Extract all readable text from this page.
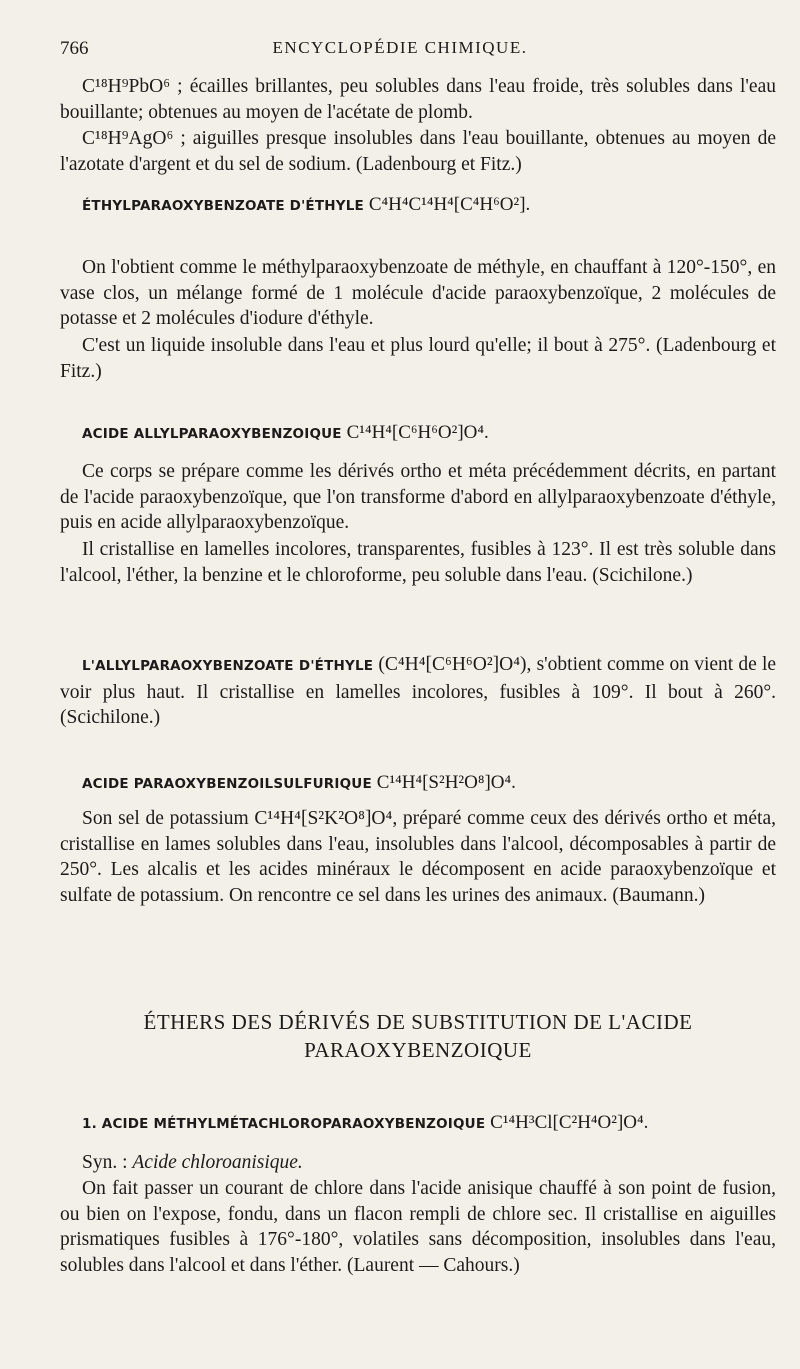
766	ENCYCLOPÉDIE CHIMIQUE.

C¹⁸H⁹PbO⁶ ; écailles brillantes, peu solubles dans l'eau froide, très solubles dans l'eau bouillante; obtenues au moyen de l'acétate de plomb.

C¹⁸H⁹AgO⁶ ; aiguilles presque insolubles dans l'eau bouillante, obtenues au moyen de l'azotate d'argent et du sel de sodium. (Ladenbourg et Fitz.)

ÉTHYLPARAOXYBENZOATE D'ÉTHYLE C⁴H⁴C¹⁴H⁴[C⁴H⁶O²].

On l'obtient comme le méthylparaoxybenzoate de méthyle, en chauffant à 120°-150°, en vase clos, un mélange formé de 1 molécule d'acide paraoxybenzoïque, 2 molécules de potasse et 2 molécules d'iodure d'éthyle.

C'est un liquide insoluble dans l'eau et plus lourd qu'elle; il bout à 275°. (Ladenbourg et Fitz.)

ACIDE ALLYLPARAOXYBENZOIQUE C¹⁴H⁴[C⁶H⁶O²]O⁴.

Ce corps se prépare comme les dérivés ortho et méta précédemment décrits, en partant de l'acide paraoxybenzoïque, que l'on transforme d'abord en allylparaoxybenzoate d'éthyle, puis en acide allylparaoxybenzoïque.

Il cristallise en lamelles incolores, transparentes, fusibles à 123°. Il est très soluble dans l'alcool, l'éther, la benzine et le chloroforme, peu soluble dans l'eau. (Scichilone.)

L'ALLYLPARAOXYBENZOATE D'ÉTHYLE (C⁴H⁴[C⁶H⁶O²]O⁴), s'obtient comme on vient de le voir plus haut. Il cristallise en lamelles incolores, fusibles à 109°. Il bout à 260°. (Scichilone.)

ACIDE PARAOXYBENZOILSULFURIQUE C¹⁴H⁴[S²H²O⁸]O⁴.

Son sel de potassium C¹⁴H⁴[S²K²O⁸]O⁴, préparé comme ceux des dérivés ortho et méta, cristallise en lames solubles dans l'eau, insolubles dans l'alcool, décomposables à partir de 250°. Les alcalis et les acides minéraux le décomposent en acide paraoxybenzoïque et sulfate de potassium. On rencontre ce sel dans les urines des animaux. (Baumann.)

ÉTHERS DES DÉRIVÉS DE SUBSTITUTION DE L'ACIDE
PARAOXYBENZOIQUE

1. ACIDE MÉTHYLMÉTACHLOROPARAOXYBENZOIQUE C¹⁴H³Cl[C²H⁴O²]O⁴.

Syn. : Acide chloroanisique.

On fait passer un courant de chlore dans l'acide anisique chauffé à son point de fusion, ou bien on l'expose, fondu, dans un flacon rempli de chlore sec. Il cristallise en aiguilles prismatiques fusibles à 176°-180°, volatiles sans décomposition, insolubles dans l'eau, solubles dans l'alcool et dans l'éther. (Laurent — Cahours.)
